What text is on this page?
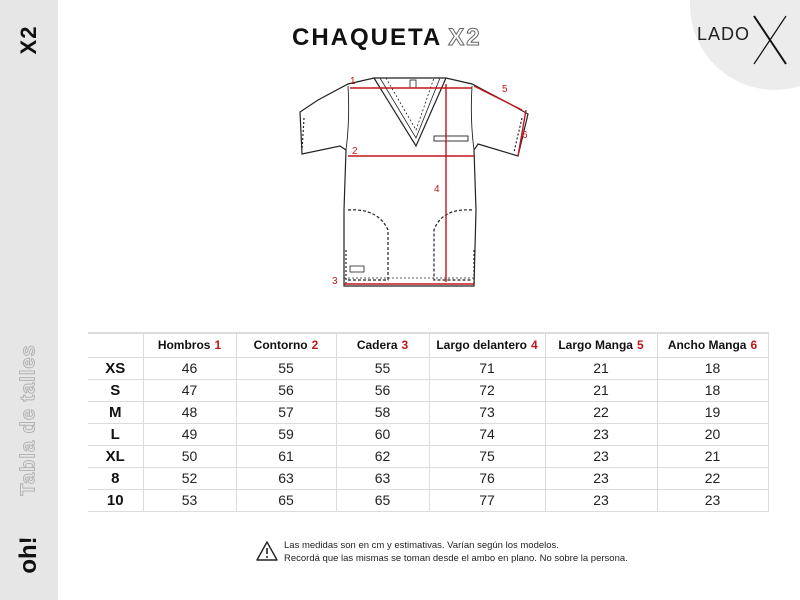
X2
Tabla de talles
oh!
LADO
CHAQUETA X2
1
2
3
4
5
6
	Hombros 1	Contorno 2	Cadera 3	Largo delantero 4	Largo Manga 5	Ancho Manga 6
XS	46	55	55	71	21	18
S	47	56	56	72	21	18
M	48	57	58	73	22	19
L	49	59	60	74	23	20
XL	50	61	62	75	23	21
8	52	63	63	76	23	22
10	53	65	65	77	23	23
Las medidas son en cm y estimativas. Varían según los modelos.
Recordá que las mismas se toman desde el ambo en plano. No sobre la persona.
